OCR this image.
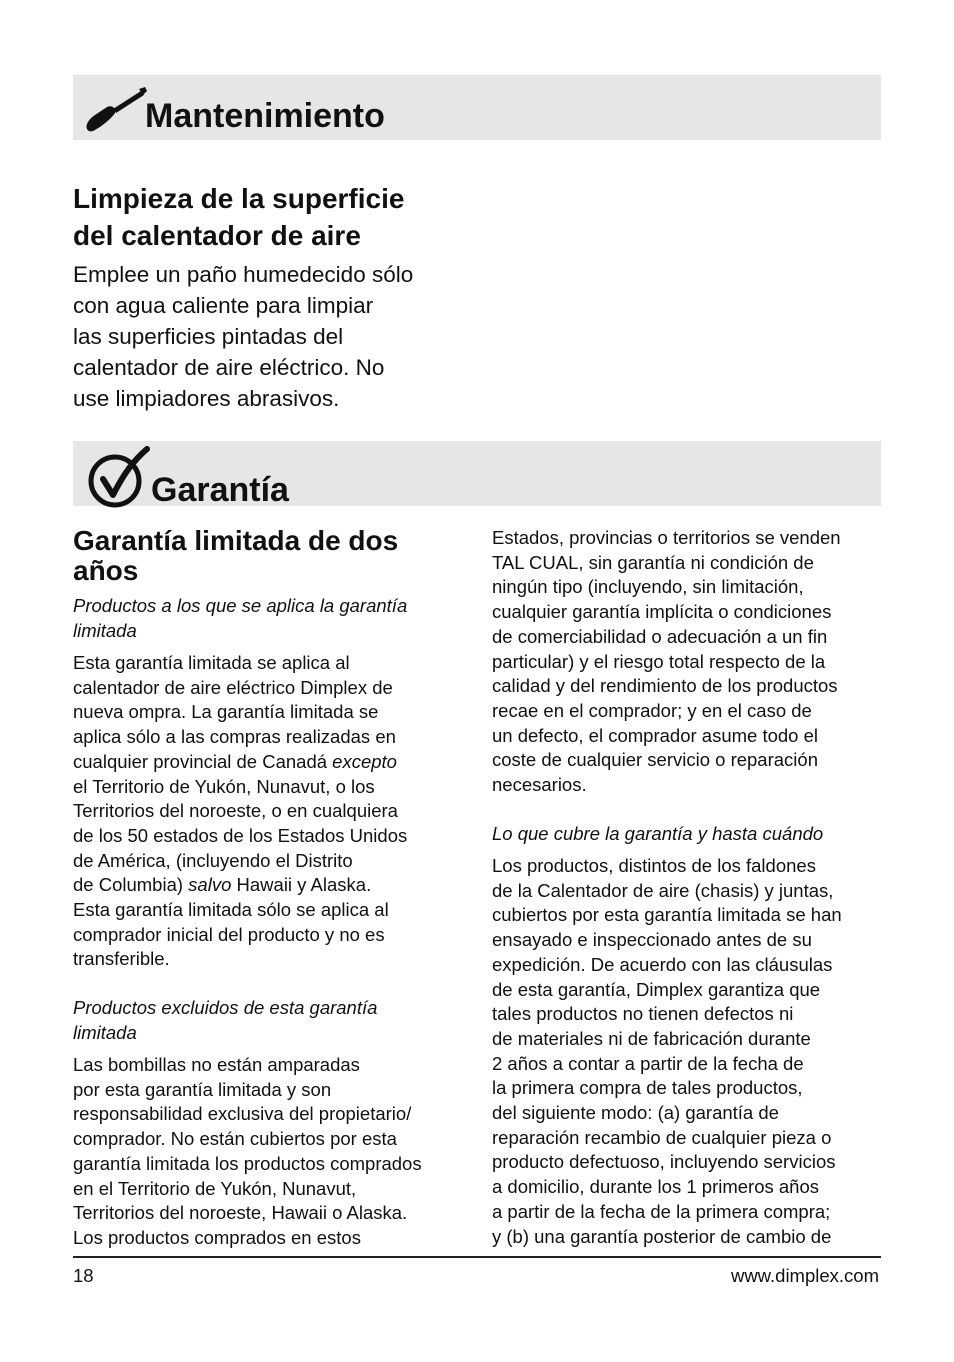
Mantenimiento
Limpieza de la superficie
del calentador de aire
Emplee un paño humedecido sólo
con agua caliente para limpiar
las superficies pintadas del
calentador de aire eléctrico. No
use limpiadores abrasivos.
Garantía
Garantía limitada de dos
años
Productos a los que se aplica la garantía
limitada
Esta garantía limitada se aplica al
calentador de aire eléctrico Dimplex de
nueva ompra. La garantía limitada se
aplica sólo a las compras realizadas en
cualquier provincial de Canadá excepto
el Territorio de Yukón, Nunavut, o los
Territorios del noroeste, o en cualquiera
de los 50 estados de los Estados Unidos
de América, (incluyendo el Distrito
de Columbia) salvo Hawaii y Alaska.
Esta garantía limitada sólo se aplica al
comprador inicial del producto y no es
transferible.
Productos excluidos de esta garantía
limitada
Las bombillas no están amparadas
por esta garantía limitada y son
responsabilidad exclusiva del propietario/
comprador. No están cubiertos por esta
garantía limitada los productos comprados
en el Territorio de Yukón, Nunavut,
Territorios del noroeste, Hawaii o Alaska.
Los productos comprados en estos
Estados, provincias o territorios se venden
TAL CUAL, sin garantía ni condición de
ningún tipo (incluyendo, sin limitación,
cualquier garantía implícita o condiciones
de comerciabilidad o adecuación a un fin
particular) y el riesgo total respecto de la
calidad y del rendimiento de los productos
recae en el comprador; y en el caso de
un defecto, el comprador asume todo el
coste de cualquier servicio o reparación
necesarios.
Lo que cubre la garantía y hasta cuándo
Los productos, distintos de los faldones
de la Calentador de aire (chasis) y juntas,
cubiertos por esta garantía limitada se han
ensayado e inspeccionado antes de su
expedición. De acuerdo con las cláusulas
de esta garantía, Dimplex garantiza que
tales productos no tienen defectos ni
de materiales ni de fabricación durante
2 años a contar a partir de la fecha de
la primera compra de tales productos,
del siguiente modo: (a) garantía de
reparación recambio de cualquier pieza o
producto defectuoso, incluyendo servicios
a domicilio, durante los 1 primeros años
a partir de la fecha de la primera compra;
y (b) una garantía posterior de cambio de
18	www.dimplex.com
